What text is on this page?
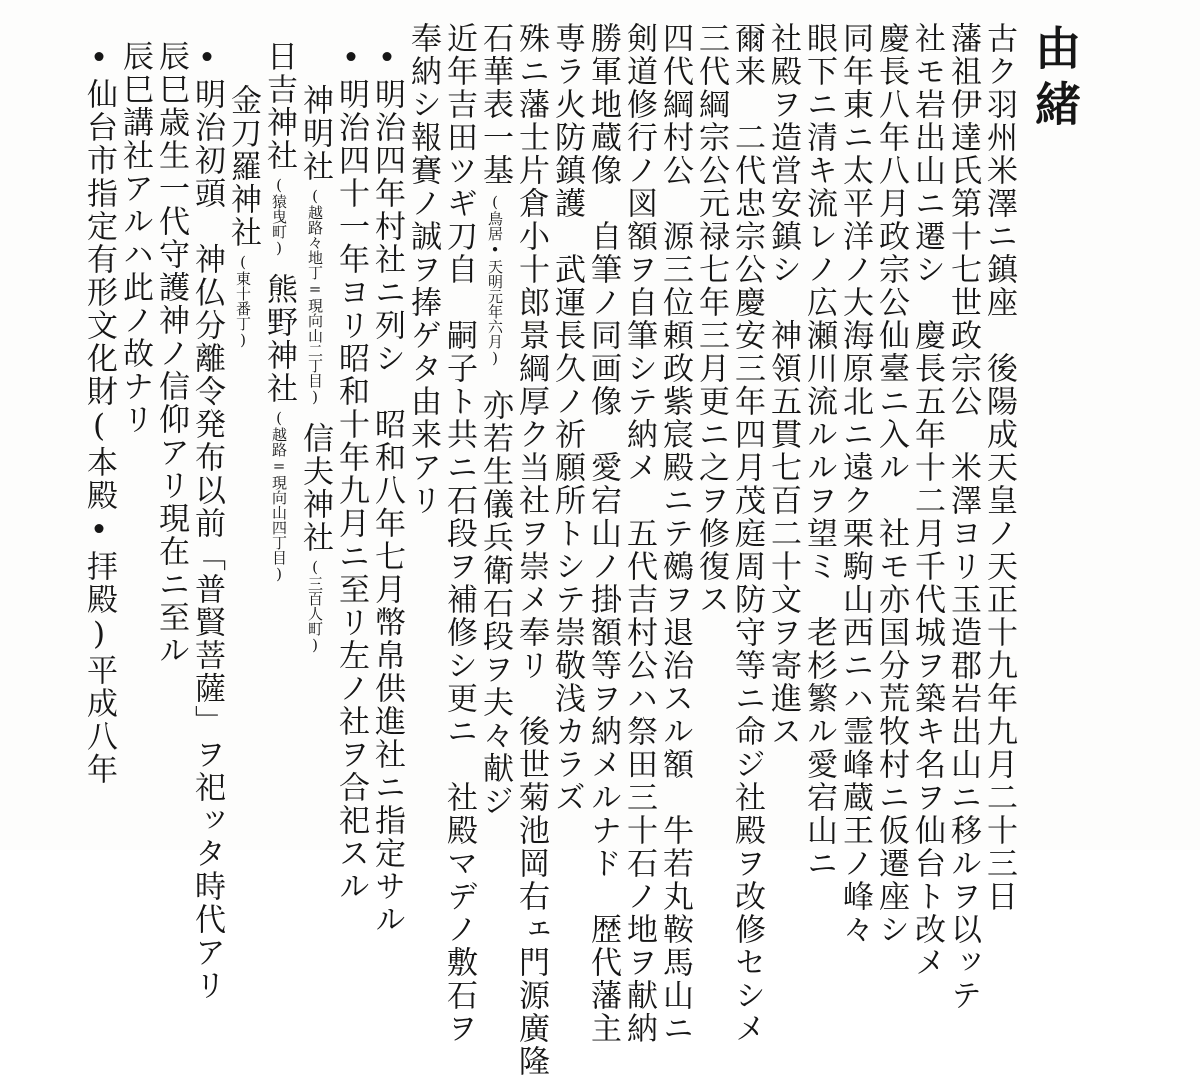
由緒
古ク羽州米澤ニ鎮座　後陽成天皇ノ天正十九年九月二十三日
藩祖伊達氏第十七世政宗公　米澤ヨリ玉造郡岩出山ニ移ルヲ以ッテ
社モ岩出山ニ遷シ　慶長五年十二月千代城ヲ築キ名ヲ仙台ト改メ
慶長八年八月政宗公仙臺ニ入ル　社モ亦国分荒牧村ニ仮遷座シ
同年東ニ太平洋ノ大海原北ニ遠ク栗駒山西ニハ霊峰蔵王ノ峰々
眼下ニ清キ流レノ広瀬川流ルルヲ望ミ　老杉繁ル愛宕山ニ
社殿ヲ造営安鎮シ　神領五貫七百二十文ヲ寄進ス
爾来　二代忠宗公慶安三年四月茂庭周防守等ニ命ジ社殿ヲ改修セシメ
三代綱宗公元禄七年三月更ニ之ヲ修復ス
四代綱村公　源三位頼政紫宸殿ニテ鵺ヲ退治スル額　牛若丸鞍馬山ニ
剣道修行ノ図額ヲ自筆シテ納メ　五代吉村公ハ祭田三十石ノ地ヲ献納
勝軍地蔵像　自筆ノ同画像　愛宕山ノ掛額等ヲ納メルナド　歴代藩主
専ラ火防鎮護　武運長久ノ祈願所トシテ崇敬浅カラズ
殊ニ藩士片倉小十郎景綱厚ク当社ヲ崇メ奉リ　後世菊池岡右ェ門源廣隆
石華表一基(鳥居•天明元年六月)亦若生儀兵衛石段ヲ夫々献ジ
近年吉田ツギ刀自　嗣子ト共ニ石段ヲ補修シ更ニ　社殿マデノ敷石ヲ
奉納シ報賽ノ誠ヲ捧ゲタ由来アリ
•明治四年村社ニ列シ　昭和八年七月幣帛供進社ニ指定サル
•明治四十一年ヨリ昭和十年九月ニ至リ左ノ社ヲ合祀スル
神明社(越路々地丁=現向山二丁目)信夫神社(三百人町)
日吉神社(猿曳町)熊野神社(越路=現向山四丁目)
金刀羅神社(東十番丁)
•明治初頭　神仏分離令発布以前「普賢菩薩」ヲ祀ッタ時代アリ
辰巳歳生一代守護神ノ信仰アリ現在ニ至ル
辰巳講社アルハ此ノ故ナリ
•仙台市指定有形文化財(本殿•拝殿)平成八年
